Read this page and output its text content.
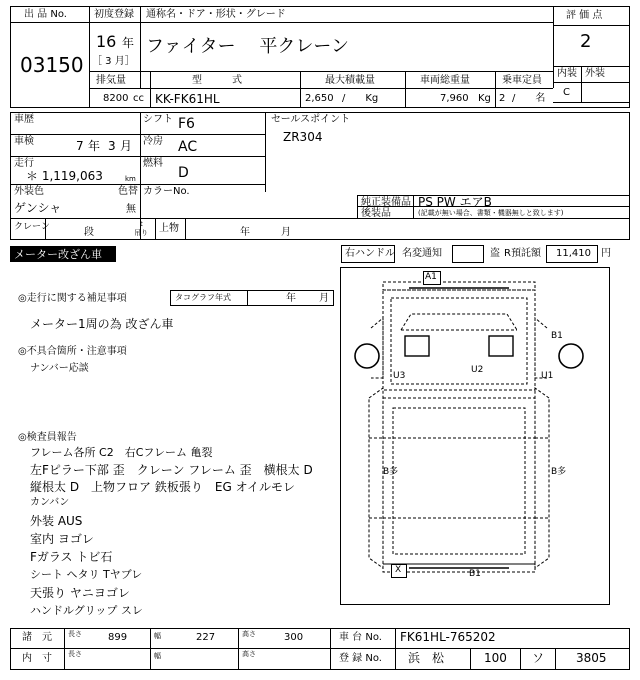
出 品 No.
03150
初度登録
16 年
［ 3 月］
通称名・ドア・形状・グレード
ファイター　 平クレーン
評 価 点
2
内装 外装
C
排気量
8200 cc
型　　　式
KK-FK61HL
最大積載量
2,650 /　　Kg
車両総重量
7,960 Kg
乗車定員
2 /　　名
車歴	シフト F6
車検	7 年 3 月 冷房 AC
走行
＊ 1,119,063	km
燃料
D
外装色
ゲンシャ
色替
無
カラーNo.
セールスポイント
ZR304
純正装備品 PS PW エアB
後装品	(記載が無い場合、書類・機器無しと致します)
クレーン	段
t
吊り 上物	年	月
メーター改ざん車	右ハンドル 名変通知	盗 R預託額 11,410 円
◎走行に関する補足事項	タコグラフ年式	年 月
メーター1周の為 改ざん車
◎不具合箇所・注意事項
ナンバー応談
◎検査員報告
フレーム各所 C2　右Cフレーム 亀裂
左Fピラー下部 歪　クレーン フレーム 歪　横根太 D
縦根太 D　上物フロア 鉄板張り　EG オイルモレ
カンバン
外装 AUS
室内 ヨゴレ
Fガラス トビ石
シート ヘタリ Tヤブレ
天張り ヤニヨゴレ
ハンドルグリップ スレ
A1
B1
U3
U2
U1
B多	B多
X	B1
諸　元 長さ	899	幅	227	高さ	300	車 台 No. FK61HL-765202
内　寸 長さ	幅	高さ	登 録 No. 浜　松	100 ソ	3805
